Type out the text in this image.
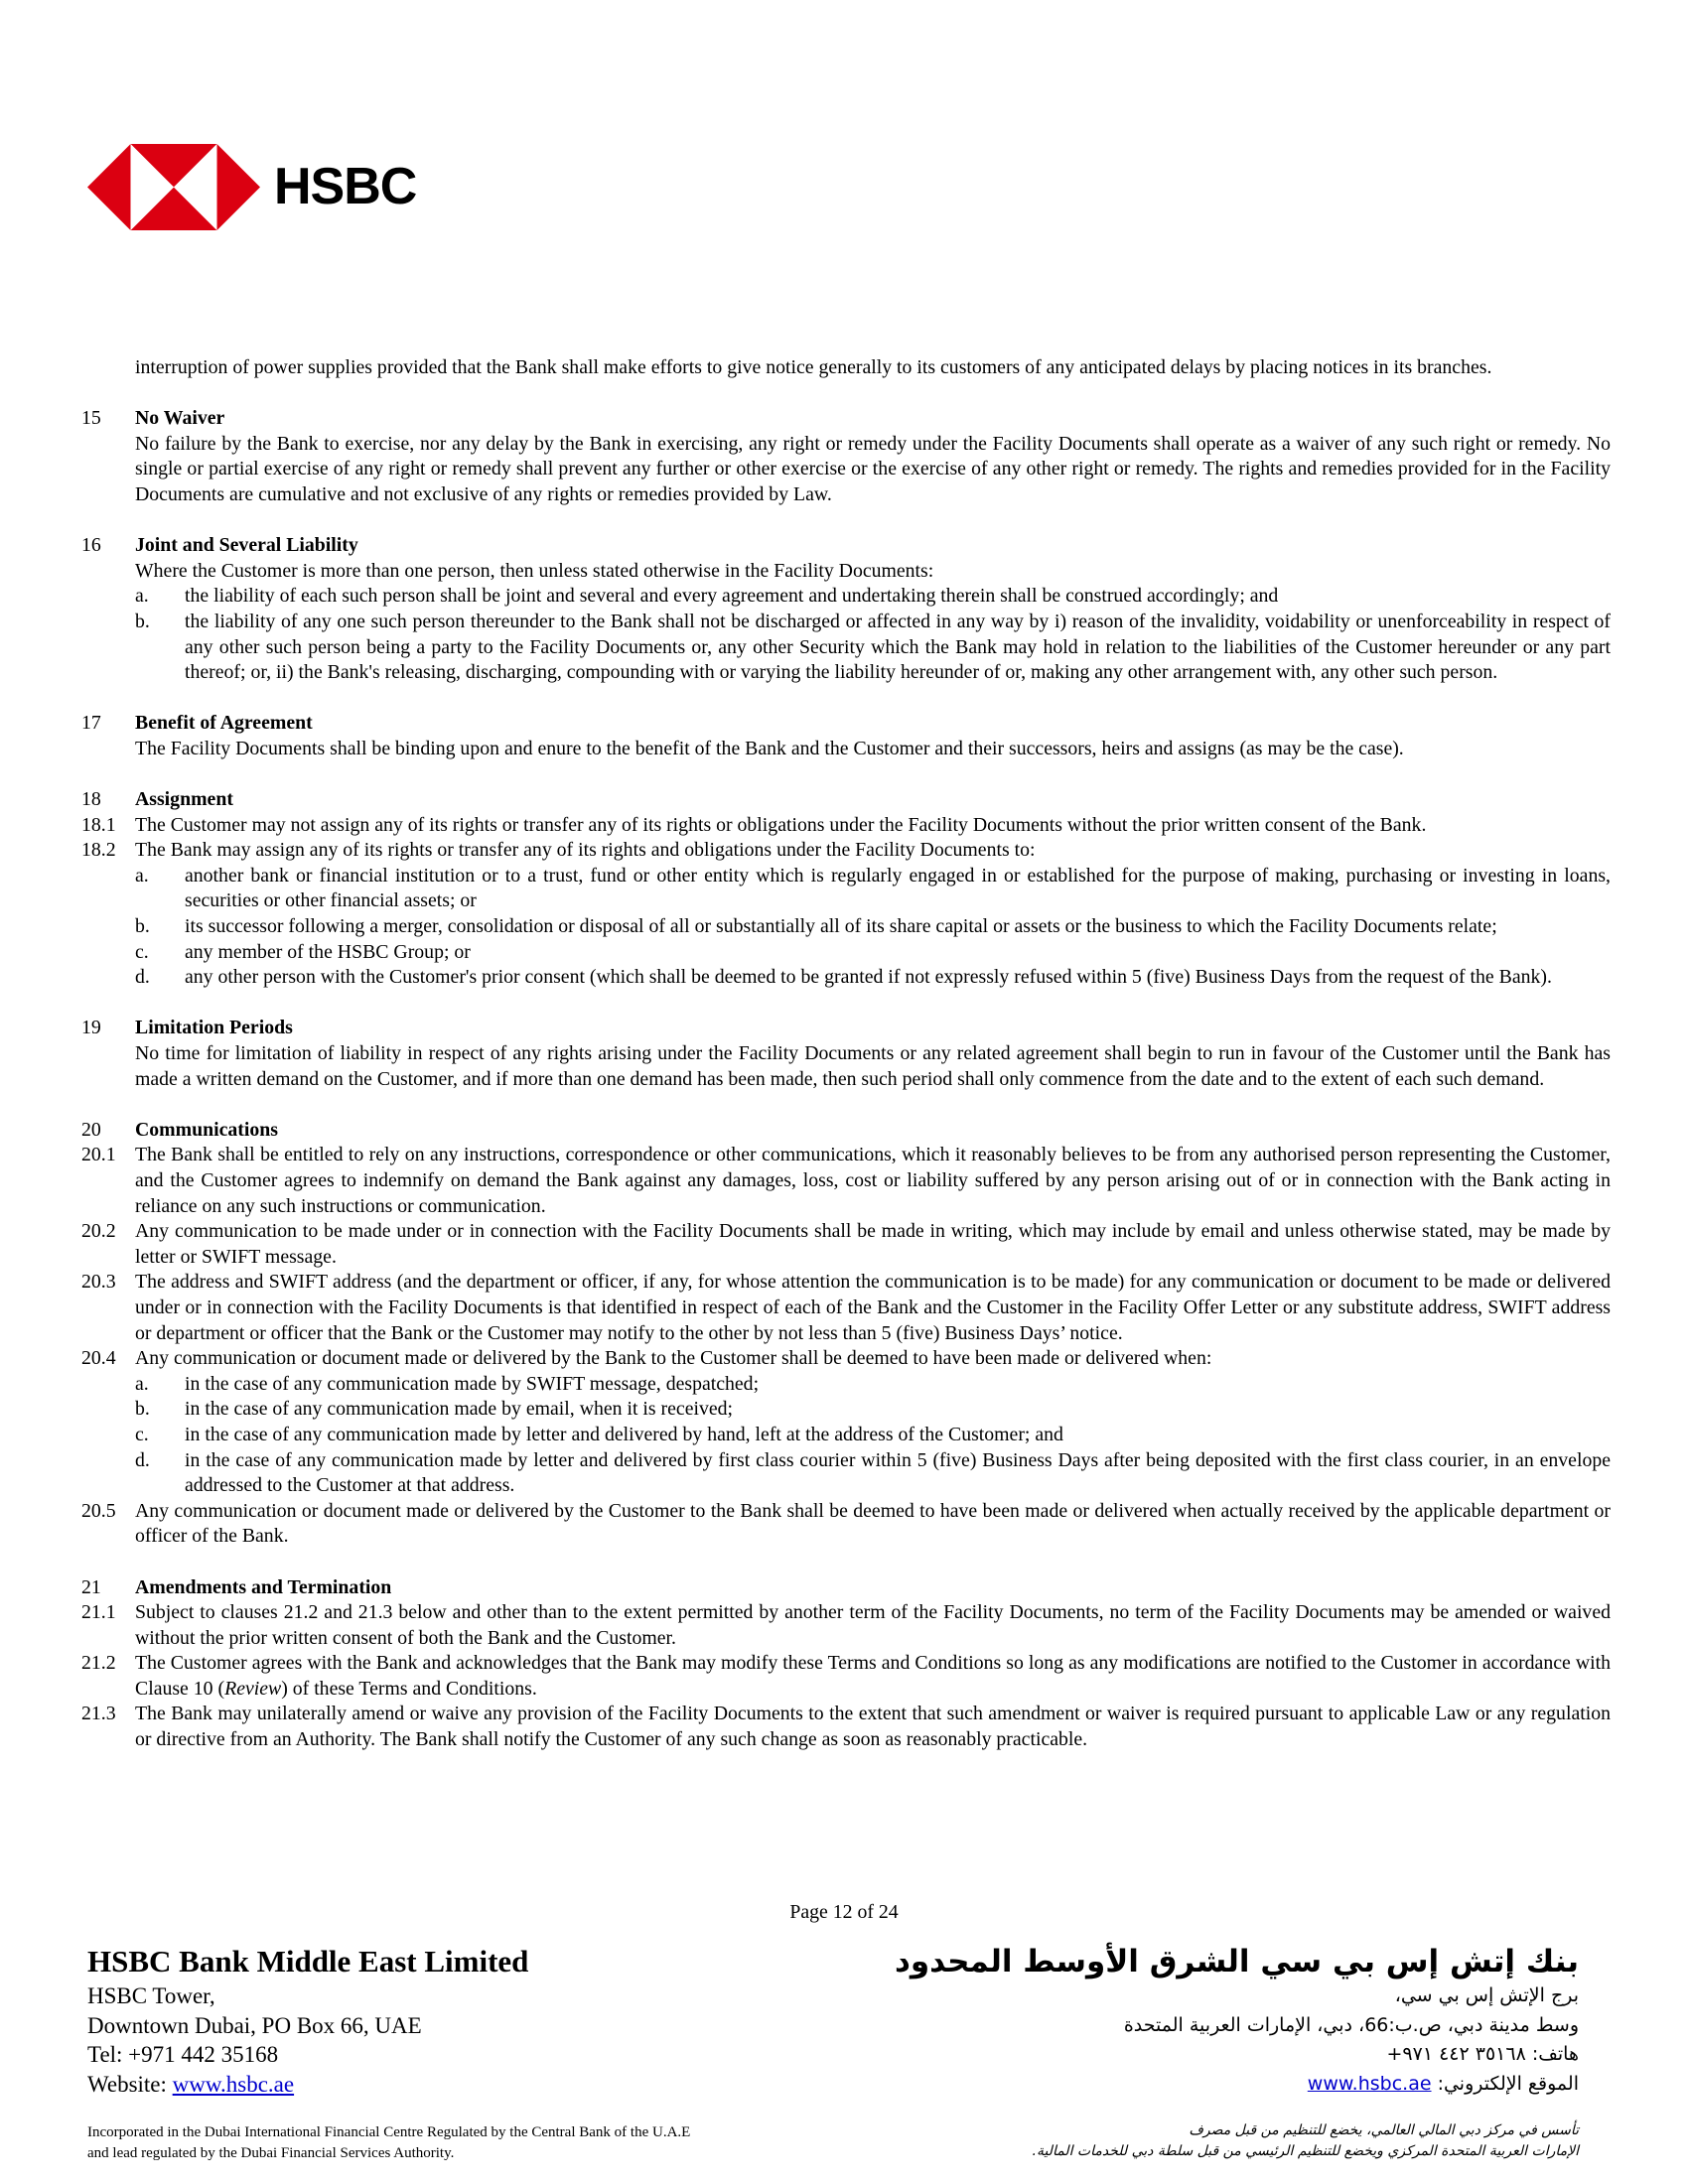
HSBC
interruption of power supplies provided that the Bank shall make efforts to give notice generally to its customers of any anticipated delays by placing notices in its branches.
15	No Waiver
No failure by the Bank to exercise, nor any delay by the Bank in exercising, any right or remedy under the Facility Documents shall operate as a waiver of any such right or remedy. No single or partial exercise of any right or remedy shall prevent any further or other exercise or the exercise of any other right or remedy. The rights and remedies provided for in the Facility Documents are cumulative and not exclusive of any rights or remedies provided by Law.
16	Joint and Several Liability
Where the Customer is more than one person, then unless stated otherwise in the Facility Documents:
a.	the liability of each such person shall be joint and several and every agreement and undertaking therein shall be construed accordingly; and
b.	the liability of any one such person thereunder to the Bank shall not be discharged or affected in any way by i) reason of the invalidity, voidability or unenforceability in respect of any other such person being a party to the Facility Documents or, any other Security which the Bank may hold in relation to the liabilities of the Customer hereunder or any part thereof; or, ii) the Bank's releasing, discharging, compounding with or varying the liability hereunder of or, making any other arrangement with, any other such person.
17	Benefit of Agreement
The Facility Documents shall be binding upon and enure to the benefit of the Bank and the Customer and their successors, heirs and assigns (as may be the case).
18	Assignment
18.1 The Customer may not assign any of its rights or transfer any of its rights or obligations under the Facility Documents without the prior written consent of the Bank.
18.2 The Bank may assign any of its rights or transfer any of its rights and obligations under the Facility Documents to:
a.	another bank or financial institution or to a trust, fund or other entity which is regularly engaged in or established for the purpose of making, purchasing or investing in loans, securities or other financial assets; or
b.	its successor following a merger, consolidation or disposal of all or substantially all of its share capital or assets or the business to which the Facility Documents relate;
c.	any member of the HSBC Group; or
d.	any other person with the Customer's prior consent (which shall be deemed to be granted if not expressly refused within 5 (five) Business Days from the request of the Bank).
19	Limitation Periods
No time for limitation of liability in respect of any rights arising under the Facility Documents or any related agreement shall begin to run in favour of the Customer until the Bank has made a written demand on the Customer, and if more than one demand has been made, then such period shall only commence from the date and to the extent of each such demand.
20	Communications
20.1 The Bank shall be entitled to rely on any instructions, correspondence or other communications, which it reasonably believes to be from any authorised person representing the Customer, and the Customer agrees to indemnify on demand the Bank against any damages, loss, cost or liability suffered by any person arising out of or in connection with the Bank acting in reliance on any such instructions or communication.
20.2 Any communication to be made under or in connection with the Facility Documents shall be made in writing, which may include by email and unless otherwise stated, may be made by letter or SWIFT message.
20.3 The address and SWIFT address (and the department or officer, if any, for whose attention the communication is to be made) for any communication or document to be made or delivered under or in connection with the Facility Documents is that identified in respect of each of the Bank and the Customer in the Facility Offer Letter or any substitute address, SWIFT address or department or officer that the Bank or the Customer may notify to the other by not less than 5 (five) Business Days’ notice.
20.4 Any communication or document made or delivered by the Bank to the Customer shall be deemed to have been made or delivered when:
a.	in the case of any communication made by SWIFT message, despatched;
b.	in the case of any communication made by email, when it is received;
c.	in the case of any communication made by letter and delivered by hand, left at the address of the Customer; and
d.	in the case of any communication made by letter and delivered by first class courier within 5 (five) Business Days after being deposited with the first class courier, in an envelope addressed to the Customer at that address.
20.5 Any communication or document made or delivered by the Customer to the Bank shall be deemed to have been made or delivered when actually received by the applicable department or officer of the Bank.
21	Amendments and Termination
21.1 Subject to clauses 21.2 and 21.3 below and other than to the extent permitted by another term of the Facility Documents, no term of the Facility Documents may be amended or waived without the prior written consent of both the Bank and the Customer.
21.2 The Customer agrees with the Bank and acknowledges that the Bank may modify these Terms and Conditions so long as any modifications are notified to the Customer in accordance with Clause 10 (Review) of these Terms and Conditions.
21.3 The Bank may unilaterally amend or waive any provision of the Facility Documents to the extent that such amendment or waiver is required pursuant to applicable Law or any regulation or directive from an Authority. The Bank shall notify the Customer of any such change as soon as reasonably practicable.
Page 12 of 24
HSBC Bank Middle East Limited
HSBC Tower,
Downtown Dubai, PO Box 66, UAE
Tel: +971 442 35168
Website: www.hsbc.ae
بنك إتش إس بي سي الشرق الأوسط المحدود
برج الإتش إس بي سي،
وسط مدينة دبي، ص.ب:66، دبي، الإمارات العربية المتحدة
هاتف: ٣٥١٦٨ ٤٤٢ ٩٧١+
الموقع الإلكتروني: www.hsbc.ae
Incorporated in the Dubai International Financial Centre Regulated by the Central Bank of the U.A.E
and lead regulated by the Dubai Financial Services Authority.
تأسس في مركز دبي المالي العالمي، يخضع للتنظيم من قبل مصرف
الإمارات العربية المتحدة المركزي ويخضع للتنظيم الرئيسي من قبل سلطة دبي للخدمات المالية.
